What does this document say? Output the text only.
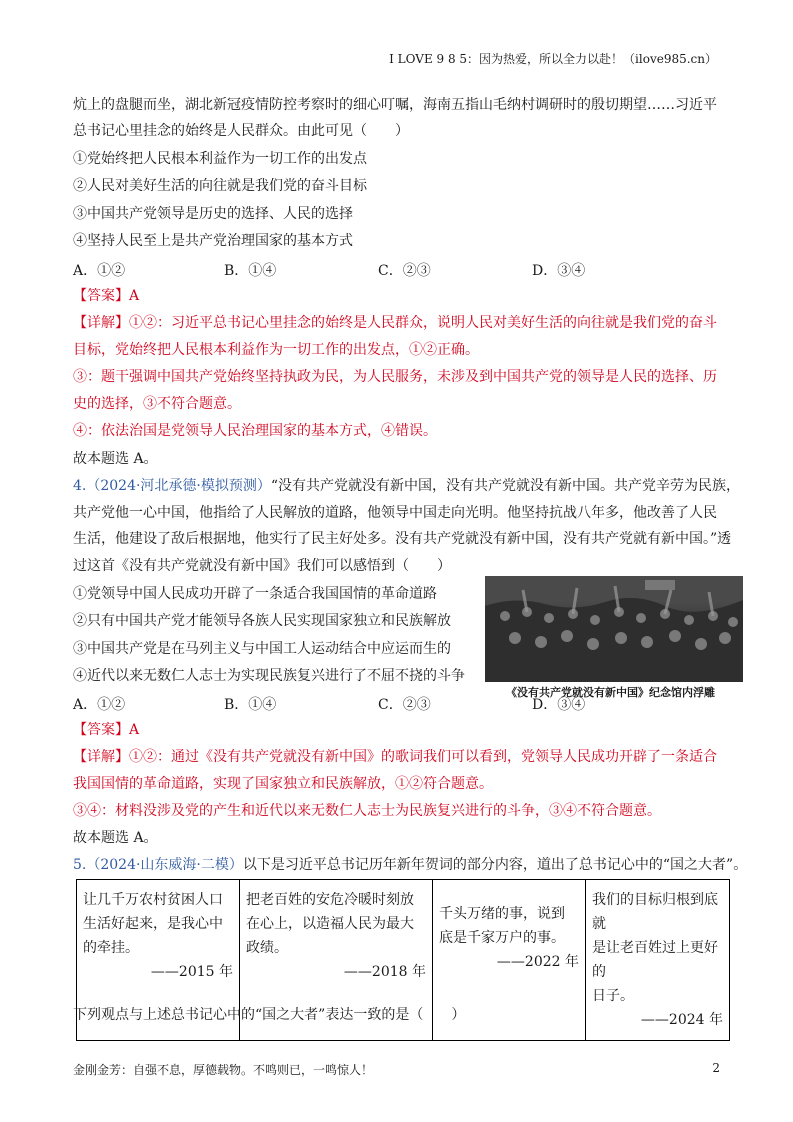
I LOVE 9 8 5：因为热爱，所以全力以赴！（ilove985.cn）
炕上的盘腿而坐，湖北新冠疫情防控考察时的细心叮嘱，海南五指山毛纳村调研时的殷切期望……习近平
总书记心里挂念的始终是人民群众。由此可见（　　）
①党始终把人民根本利益作为一切工作的出发点
②人民对美好生活的向往就是我们党的奋斗目标
③中国共产党领导是历史的选择、人民的选择
④坚持人民至上是共产党治理国家的基本方式
A．①②	B．①④	C．②③	D．③④
【答案】A
【详解】①②：习近平总书记心里挂念的始终是人民群众，说明人民对美好生活的向往就是我们党的奋斗
目标，党始终把人民根本利益作为一切工作的出发点，①②正确。
③：题干强调中国共产党始终坚持执政为民，为人民服务，未涉及到中国共产党的领导是人民的选择、历
史的选择，③不符合题意。
④：依法治国是党领导人民治理国家的基本方式，④错误。
故本题选 A。
4.（2024·河北承德·模拟预测）“没有共产党就没有新中国，没有共产党就没有新中国。共产党辛劳为民族，
共产党他一心中国，他指给了人民解放的道路，他领导中国走向光明。他坚持抗战八年多，他改善了人民
生活，他建设了敌后根据地，他实行了民主好处多。没有共产党就没有新中国，没有共产党就有新中国。”透
过这首《没有共产党就没有新中国》我们可以感悟到（　　）
①党领导中国人民成功开辟了一条适合我国国情的革命道路
②只有中国共产党才能领导各族人民实现国家独立和民族解放
③中国共产党是在马列主义与中国工人运动结合中应运而生的
④近代以来无数仁人志士为实现民族复兴进行了不屈不挠的斗争
《没有共产党就没有新中国》纪念馆内浮雕
A．①②	B．①④	C．②③	D．③④
【答案】A
【详解】①②：通过《没有共产党就没有新中国》的歌词我们可以看到，党领导人民成功开辟了一条适合
我国国情的革命道路，实现了国家独立和民族解放，①②符合题意。
③④：材料没涉及党的产生和近代以来无数仁人志士为民族复兴进行的斗争，③④不符合题意。
故本题选 A。
5.（2024·山东威海·二模）以下是习近平总书记历年新年贺词的部分内容，道出了总书记心中的“国之大者”。
让几千万农村贫困人口
生活好起来，是我心中
的牵挂。
——2015 年
	把老百姓的安危冷暖时刻放
在心上，以造福人民为最大
政绩。
——2018 年
	千头万绪的事，说到
底是千家万户的事。
——2022 年
	我们的目标归根到底就
是让老百姓过上更好的
日子。
——2024 年
下列观点与上述总书记心中的“国之大者”表达一致的是（　　）
金刚金芳：自强不息，厚德载物。不鸣则已，一鸣惊人！	2
